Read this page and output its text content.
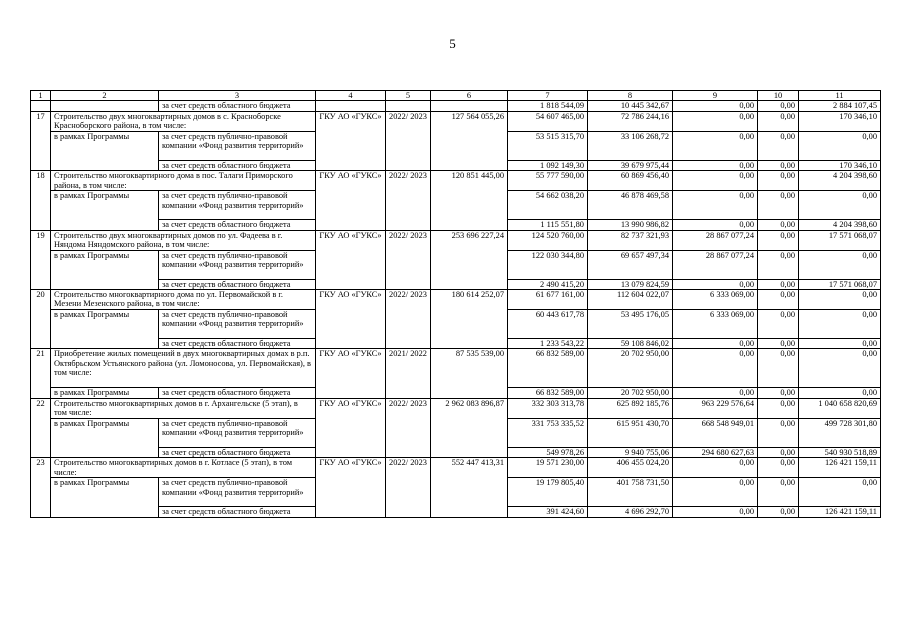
5
1	2	3	4	5	6	7	8	9	10	11
		за счет средств областного бюджета				1 818 544,09	10 445 342,67	0,00	0,00	2 884 107,45
17	Строительство двух многоквартирных домов в с. Красноборске Красноборского района, в том числе:		ГКУ АО «ГУКС»	2022/ 2023	127 564 055,26	54 607 465,00	72 786 244,16	0,00	0,00	170 346,10
	в рамках Программы	за счет средств публично-правовой компании «Фонд развития территорий»				53 515 315,70	33 106 268,72	0,00	0,00	0,00
		за счет средств областного бюджета				1 092 149,30	39 679 975,44	0,00	0,00	170 346,10
18	Строительство многоквартирного дома в пос. Талаги Приморского района, в том числе:		ГКУ АО «ГУКС»	2022/ 2023	120 851 445,00	55 777 590,00	60 869 456,40	0,00	0,00	4 204 398,60
	в рамках Программы	за счет средств публично-правовой компании «Фонд развития территорий»				54 662 038,20	46 878 469,58	0,00	0,00	0,00
		за счет средств областного бюджета				1 115 551,80	13 990 986,82	0,00	0,00	4 204 398,60
19	Строительство двух многоквартирных домов по ул. Фадеева в г. Няндома Няндомского района, в том числе:		ГКУ АО «ГУКС»	2022/ 2023	253 696 227,24	124 520 760,00	82 737 321,93	28 867 077,24	0,00	17 571 068,07
	в рамках Программы	за счет средств публично-правовой компании «Фонд развития территорий»				122 030 344,80	69 657 497,34	28 867 077,24	0,00	0,00
		за счет средств областного бюджета				2 490 415,20	13 079 824,59	0,00	0,00	17 571 068,07
20	Строительство многоквартирного дома по ул. Первомайской в г. Мезени Мезенского района, в том числе:		ГКУ АО «ГУКС»	2022/ 2023	180 614 252,07	61 677 161,00	112 604 022,07	6 333 069,00	0,00	0,00
	в рамках Программы	за счет средств публично-правовой компании «Фонд развития территорий»				60 443 617,78	53 495 176,05	6 333 069,00	0,00	0,00
		за счет средств областного бюджета				1 233 543,22	59 108 846,02	0,00	0,00	0,00
21	Приобретение жилых помещений в двух многоквартирных домах в р.п. Октябрьском Устьянского района (ул. Ломоносова, ул. Первомайская), в том числе:		ГКУ АО «ГУКС»	2021/ 2022	87 535 539,00	66 832 589,00	20 702 950,00	0,00	0,00	0,00
	в рамках Программы	за счет средств областного бюджета				66 832 589,00	20 702 950,00	0,00	0,00	0,00
22	Строительство многоквартирных домов в г. Архангельске (5 этап), в том числе:		ГКУ АО «ГУКС»	2022/ 2023	2 962 083 896,87	332 303 313,78	625 892 185,76	963 229 576,64	0,00	1 040 658 820,69
	в рамках Программы	за счет средств публично-правовой компании «Фонд развития территорий»				331 753 335,52	615 951 430,70	668 548 949,01	0,00	499 728 301,80
		за счет средств областного бюджета				549 978,26	9 940 755,06	294 680 627,63	0,00	540 930 518,89
23	Строительство многоквартирных домов в г. Котласе (5 этап), в том числе:		ГКУ АО «ГУКС»	2022/ 2023	552 447 413,31	19 571 230,00	406 455 024,20	0,00	0,00	126 421 159,11
	в рамках Программы	за счет средств публично-правовой компании «Фонд развития территорий»				19 179 805,40	401 758 731,50	0,00	0,00	0,00
		за счет средств областного бюджета				391 424,60	4 696 292,70	0,00	0,00	126 421 159,11
